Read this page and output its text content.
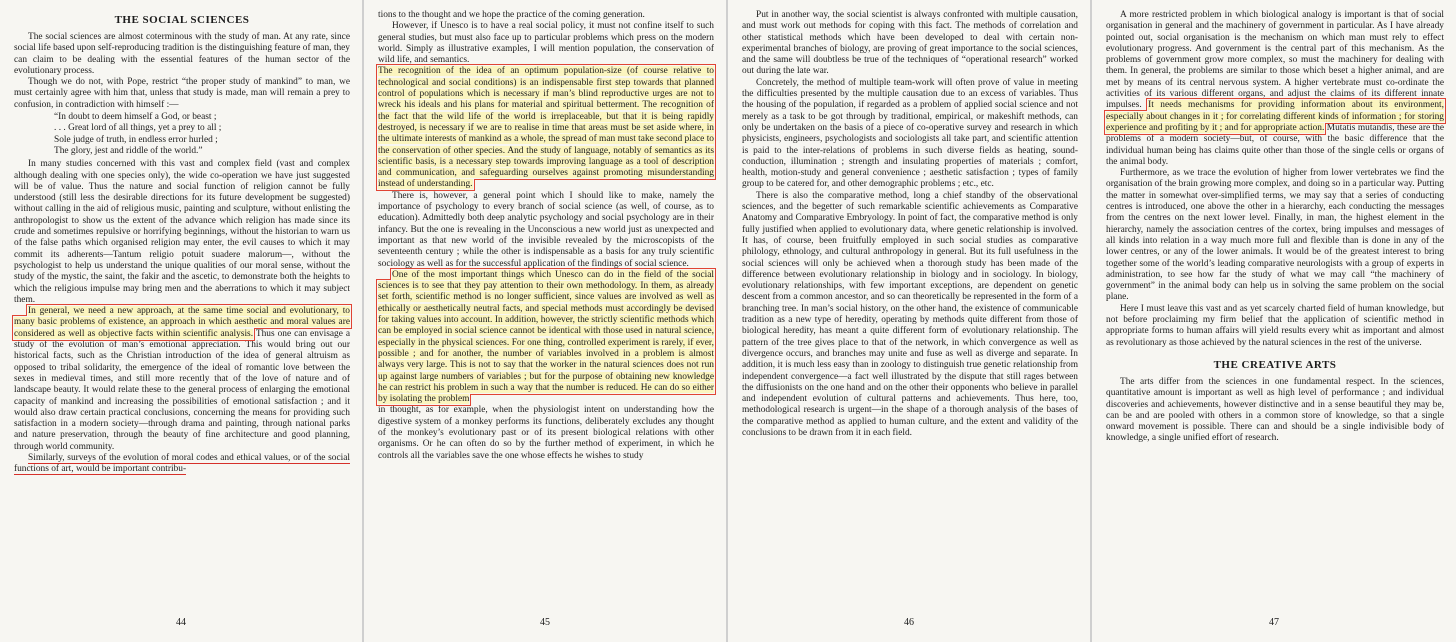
THE SOCIAL SCIENCES

The social sciences are almost coterminous with the study of man. At any rate, since social life based upon self-reproducing tradition is the distinguishing feature of man, they can claim to be dealing with the essential features of the human sector of the evolutionary process.

Though we do not, with Pope, restrict “the proper study of mankind” to man, we must certainly agree with him that, unless that study is made, man will remain a prey to confusion, in contradiction with himself :—

“In doubt to deem himself a God, or beast ;
. . . Great lord of all things, yet a prey to all ;
Sole judge of truth, in endless error hurled ;
The glory, jest and riddle of the world.”

In many studies concerned with this vast and complex field (vast and complex although dealing with one species only), the wide co-operation we have just suggested will be of value. Thus the nature and social function of religion cannot be fully understood (still less the desirable directions for its future development be suggested) without calling in the aid of religious music, painting and sculpture, without enlisting the anthropologist to show us the extent of the advance which religion has made since its crude and sometimes repulsive or horrifying beginnings, without the historian to warn us of the false paths which organised religion may enter, the evil causes to which it may commit its adherents—Tantum religio potuit suadere malorum—, without the psychologist to help us understand the unique qualities of our moral sense, without the study of the mystic, the saint, the fakir and the ascetic, to demonstrate both the heights to which the religious impulse may bring men and the aberrations to which it may subject them.

In general, we need a new approach, at the same time social and evolutionary, to many basic problems of existence, an approach in which aesthetic and moral values are considered as well as objective facts within scientific analysis. Thus one can envisage a study of the evolution of man’s emotional appreciation. This would bring out our historical facts, such as the Christian introduction of the idea of general altruism as opposed to tribal solidarity, the emergence of the ideal of romantic love between the sexes in medieval times, and still more recently that of the love of nature and of landscape beauty. It would relate these to the general process of enlarging the emotional capacity of mankind and increasing the possibilities of emotional satisfaction ; and it would also draw certain practical conclusions, concerning the means for providing such satisfaction in a modern society—through drama and painting, through national parks and nature preservation, through the beauty of fine architecture and good planning, through world community.

Similarly, surveys of the evolution of moral codes and ethical values, or of the social functions of art, would be important contribu-

44

tions to the thought and we hope the practice of the coming generation.

However, if Unesco is to have a real social policy, it must not confine itself to such general studies, but must also face up to particular problems which press on the modern world. Simply as illustrative examples, I will mention population, the conservation of wild life, and semantics.

The recognition of the idea of an optimum population-size (of course relative to technological and social conditions) is an indispensable first step towards that planned control of populations which is necessary if man’s blind reproductive urges are not to wreck his ideals and his plans for material and spiritual betterment. The recognition of the fact that the wild life of the world is irreplaceable, but that it is being rapidly destroyed, is necessary if we are to realise in time that areas must be set aside where, in the ultimate interests of mankind as a whole, the spread of man must take second place to the conservation of other species. And the study of language, notably of semantics as its scientific basis, is a necessary step towards improving language as a tool of description and communication, and safeguarding ourselves against promoting misunderstanding instead of understanding.

There is, however, a general point which I should like to make, namely the importance of psychology to every branch of social science (as well, of course, as to education). Admittedly both deep analytic psychology and social psychology are in their infancy. But the one is revealing in the Unconscious a new world just as unexpected and important as that new world of the invisible revealed by the microscopists of the seventeenth century ; while the other is indispensable as a basis for any truly scientific sociology as well as for the successful application of the findings of social science.

One of the most important things which Unesco can do in the field of the social sciences is to see that they pay attention to their own methodology. In them, as already set forth, scientific method is no longer sufficient, since values are involved as well as ethically or aesthetically neutral facts, and special methods must accordingly be devised for taking values into account. In addition, however, the strictly scientific methods which can be employed in social science cannot be identical with those used in natural science, especially in the physical sciences. For one thing, controlled experiment is rarely, if ever, possible ; and for another, the number of variables involved in a problem is almost always very large. This is not to say that the worker in the natural sciences does not run up against large numbers of variables ; but for the purpose of obtaining new knowledge he can restrict his problem in such a way that the number is reduced. He can do so either by isolating the problem

in thought, as for example, when the physiologist intent on understanding how the digestive system of a monkey performs its functions, deliberately excludes any thought of the monkey’s evolutionary past or of its present biological relations with other organisms. Or he can often do so by the further method of experiment, in which he controls all the variables save the one whose effects he wishes to study

45

Put in another way, the social scientist is always confronted with multiple causation, and must work out methods for coping with this fact. The methods of correlation and other statistical methods which have been developed to deal with certain non-experimental branches of biology, are proving of great importance to the social sciences, and the same will doubtless be true of the techniques of “operational research” worked out during the late war.

Concretely, the method of multiple team-work will often prove of value in meeting the difficulties presented by the multiple causation due to an excess of variables. Thus the housing of the population, if regarded as a problem of applied social science and not merely as a task to be got through by traditional, empirical, or makeshift methods, can only be undertaken on the basis of a piece of co-operative survey and research in which physicists, engineers, psychologists and sociologists all take part, and scientific attention is paid to the inter-relations of problems in such diverse fields as heating, sound-conduction, illumination ; strength and insulating properties of materials ; comfort, health, motion-study and general convenience ; aesthetic satisfaction ; types of family group to be catered for, and other demographic problems ; etc., etc.

There is also the comparative method, long a chief standby of the observational sciences, and the begetter of such remarkable scientific achievements as Comparative Anatomy and Comparative Embryology. In point of fact, the comparative method is only fully justified when applied to evolutionary data, where genetic relationship is involved. It has, of course, been fruitfully employed in such social studies as comparative philology, ethnology, and cultural anthropology in general. But its full usefulness in the social sciences will only be achieved when a thorough study has been made of the difference between evolutionary relationship in biology and in sociology. In biology, evolutionary relationships, with few important exceptions, are dependent on genetic descent from a common ancestor, and so can theoretically be represented in the form of a branching tree. In man’s social history, on the other hand, the existence of communicable tradition as a new type of heredity, operating by methods quite different from those of biological heredity, has meant a quite different form of evolutionary relationship. The pattern of the tree gives place to that of the network, in which convergence as well as divergence occurs, and branches may unite and fuse as well as diverge and separate. In addition, it is much less easy than in zoology to distinguish true genetic relationship from independent convergence—a fact well illustrated by the dispute that still rages between the diffusionists on the one hand and on the other their opponents who believe in parallel and independent evolution of cultural patterns and achievements. Thus here, too, methodological research is urgent—in the shape of a thorough analysis of the bases of the comparative method as applied to human culture, and the extent and validity of the conclusions to be drawn from it in each field.

46

A more restricted problem in which biological analogy is important is that of social organisation in general and the machinery of government in particular. As I have already pointed out, social organisation is the mechanism on which man must rely to effect evolutionary progress. And government is the central part of this mechanism. As the problems of government grow more complex, so must the machinery for dealing with them. In general, the problems are similar to those which beset a higher animal, and are met by means of its central nervous system. A higher vertebrate must co-ordinate the activities of its various different organs, and adjust the claims of its different innate impulses. It needs mechanisms for providing information about its environment, especially about changes in it ; for correlating different kinds of information ; for storing experience and profiting by it ; and for appropriate action. Mutatis mutandis, these are the problems of a modern society—but, of course, with the basic difference that the individual human being has claims quite other than those of the single cells or organs of the animal body.

Furthermore, as we trace the evolution of higher from lower vertebrates we find the organisation of the brain growing more complex, and doing so in a particular way. Putting the matter in somewhat over-simplified terms, we may say that a series of conducting centres is introduced, one above the other in a hierarchy, each conducting the messages from the centres on the next lower level. Finally, in man, the highest element in the hierarchy, namely the association centres of the cortex, bring impulses and messages of all kinds into relation in a way much more full and flexible than is done in any of the lower centres, or any of the lower animals. It would be of the greatest interest to bring together some of the world’s leading comparative neurologists with a group of experts in administration, to see how far the study of what we may call “the machinery of government” in the animal body can help us in solving the same problem on the social plane.

Here I must leave this vast and as yet scarcely charted field of human knowledge, but not before proclaiming my firm belief that the application of scientific method in appropriate forms to human affairs will yield results every whit as important and almost as revolutionary as those achieved by the natural sciences in the rest of the universe.

THE CREATIVE ARTS

The arts differ from the sciences in one fundamental respect. In the sciences, quantitative amount is important as well as high level of performance ; and individual discoveries and achievements, however distinctive and in a sense beautiful they may be, can be and are pooled with others in a common store of knowledge, so that a single onward movement is possible. There can and should be a single indivisible body of knowledge, a single unified effort of research.

47
